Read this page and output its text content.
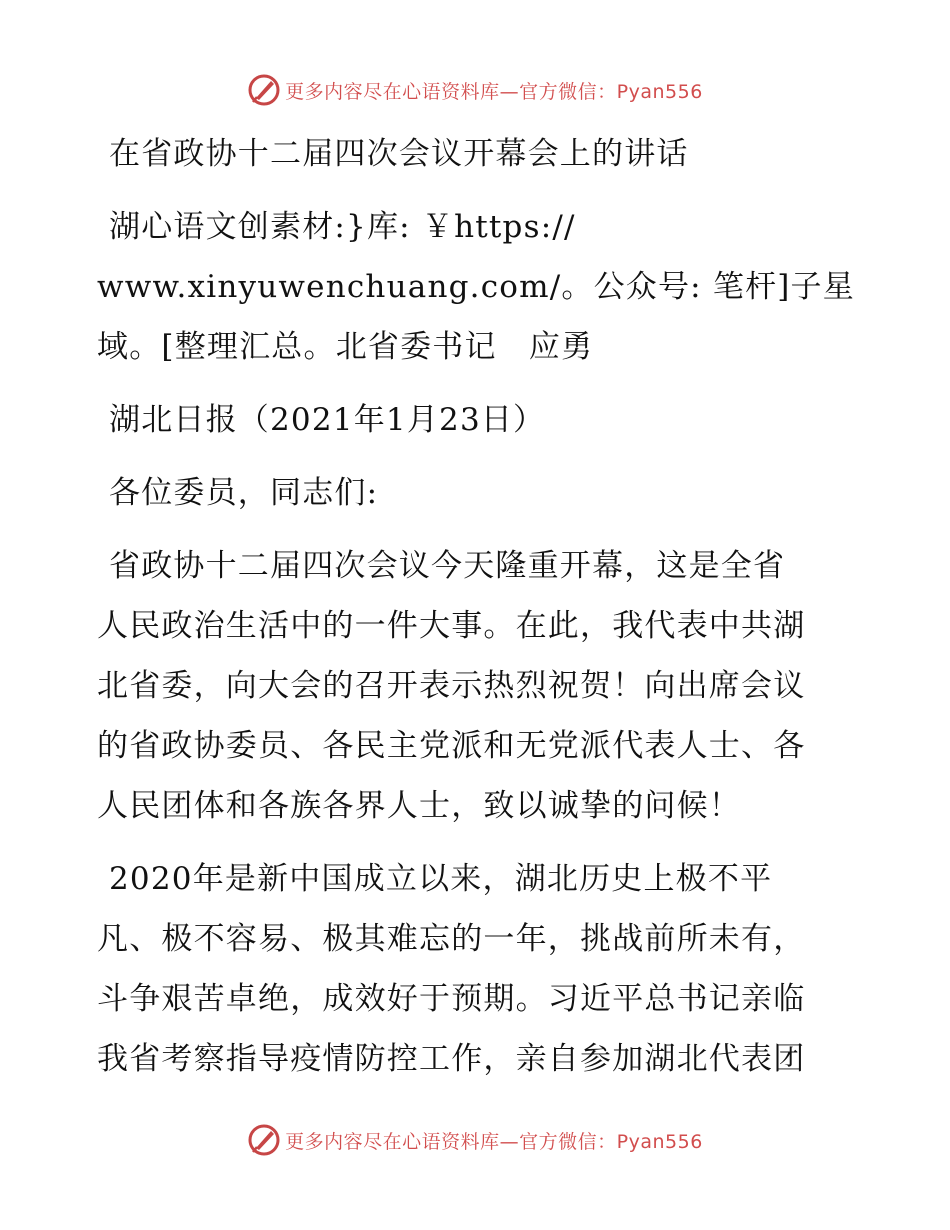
更多内容尽在心语资料库—官方微信：Pyan556

在省政协十二届四次会议开幕会上的讲话

湖心语文创素材:}库: ￥https://
www.xinyuwenchuang.com/。公众号: 笔杆]子星
域。[整理汇总。北省委书记　应勇

湖北日报（2021年1月23日）

各位委员，同志们:

省政协十二届四次会议今天隆重开幕，这是全省
人民政治生活中的一件大事。在此，我代表中共湖
北省委，向大会的召开表示热烈祝贺！向出席会议
的省政协委员、各民主党派和无党派代表人士、各
人民团体和各族各界人士，致以诚挚的问候！

2020年是新中国成立以来，湖北历史上极不平
凡、极不容易、极其难忘的一年，挑战前所未有，
斗争艰苦卓绝，成效好于预期。习近平总书记亲临
我省考察指导疫情防控工作，亲自参加湖北代表团

更多内容尽在心语资料库—官方微信：Pyan556
